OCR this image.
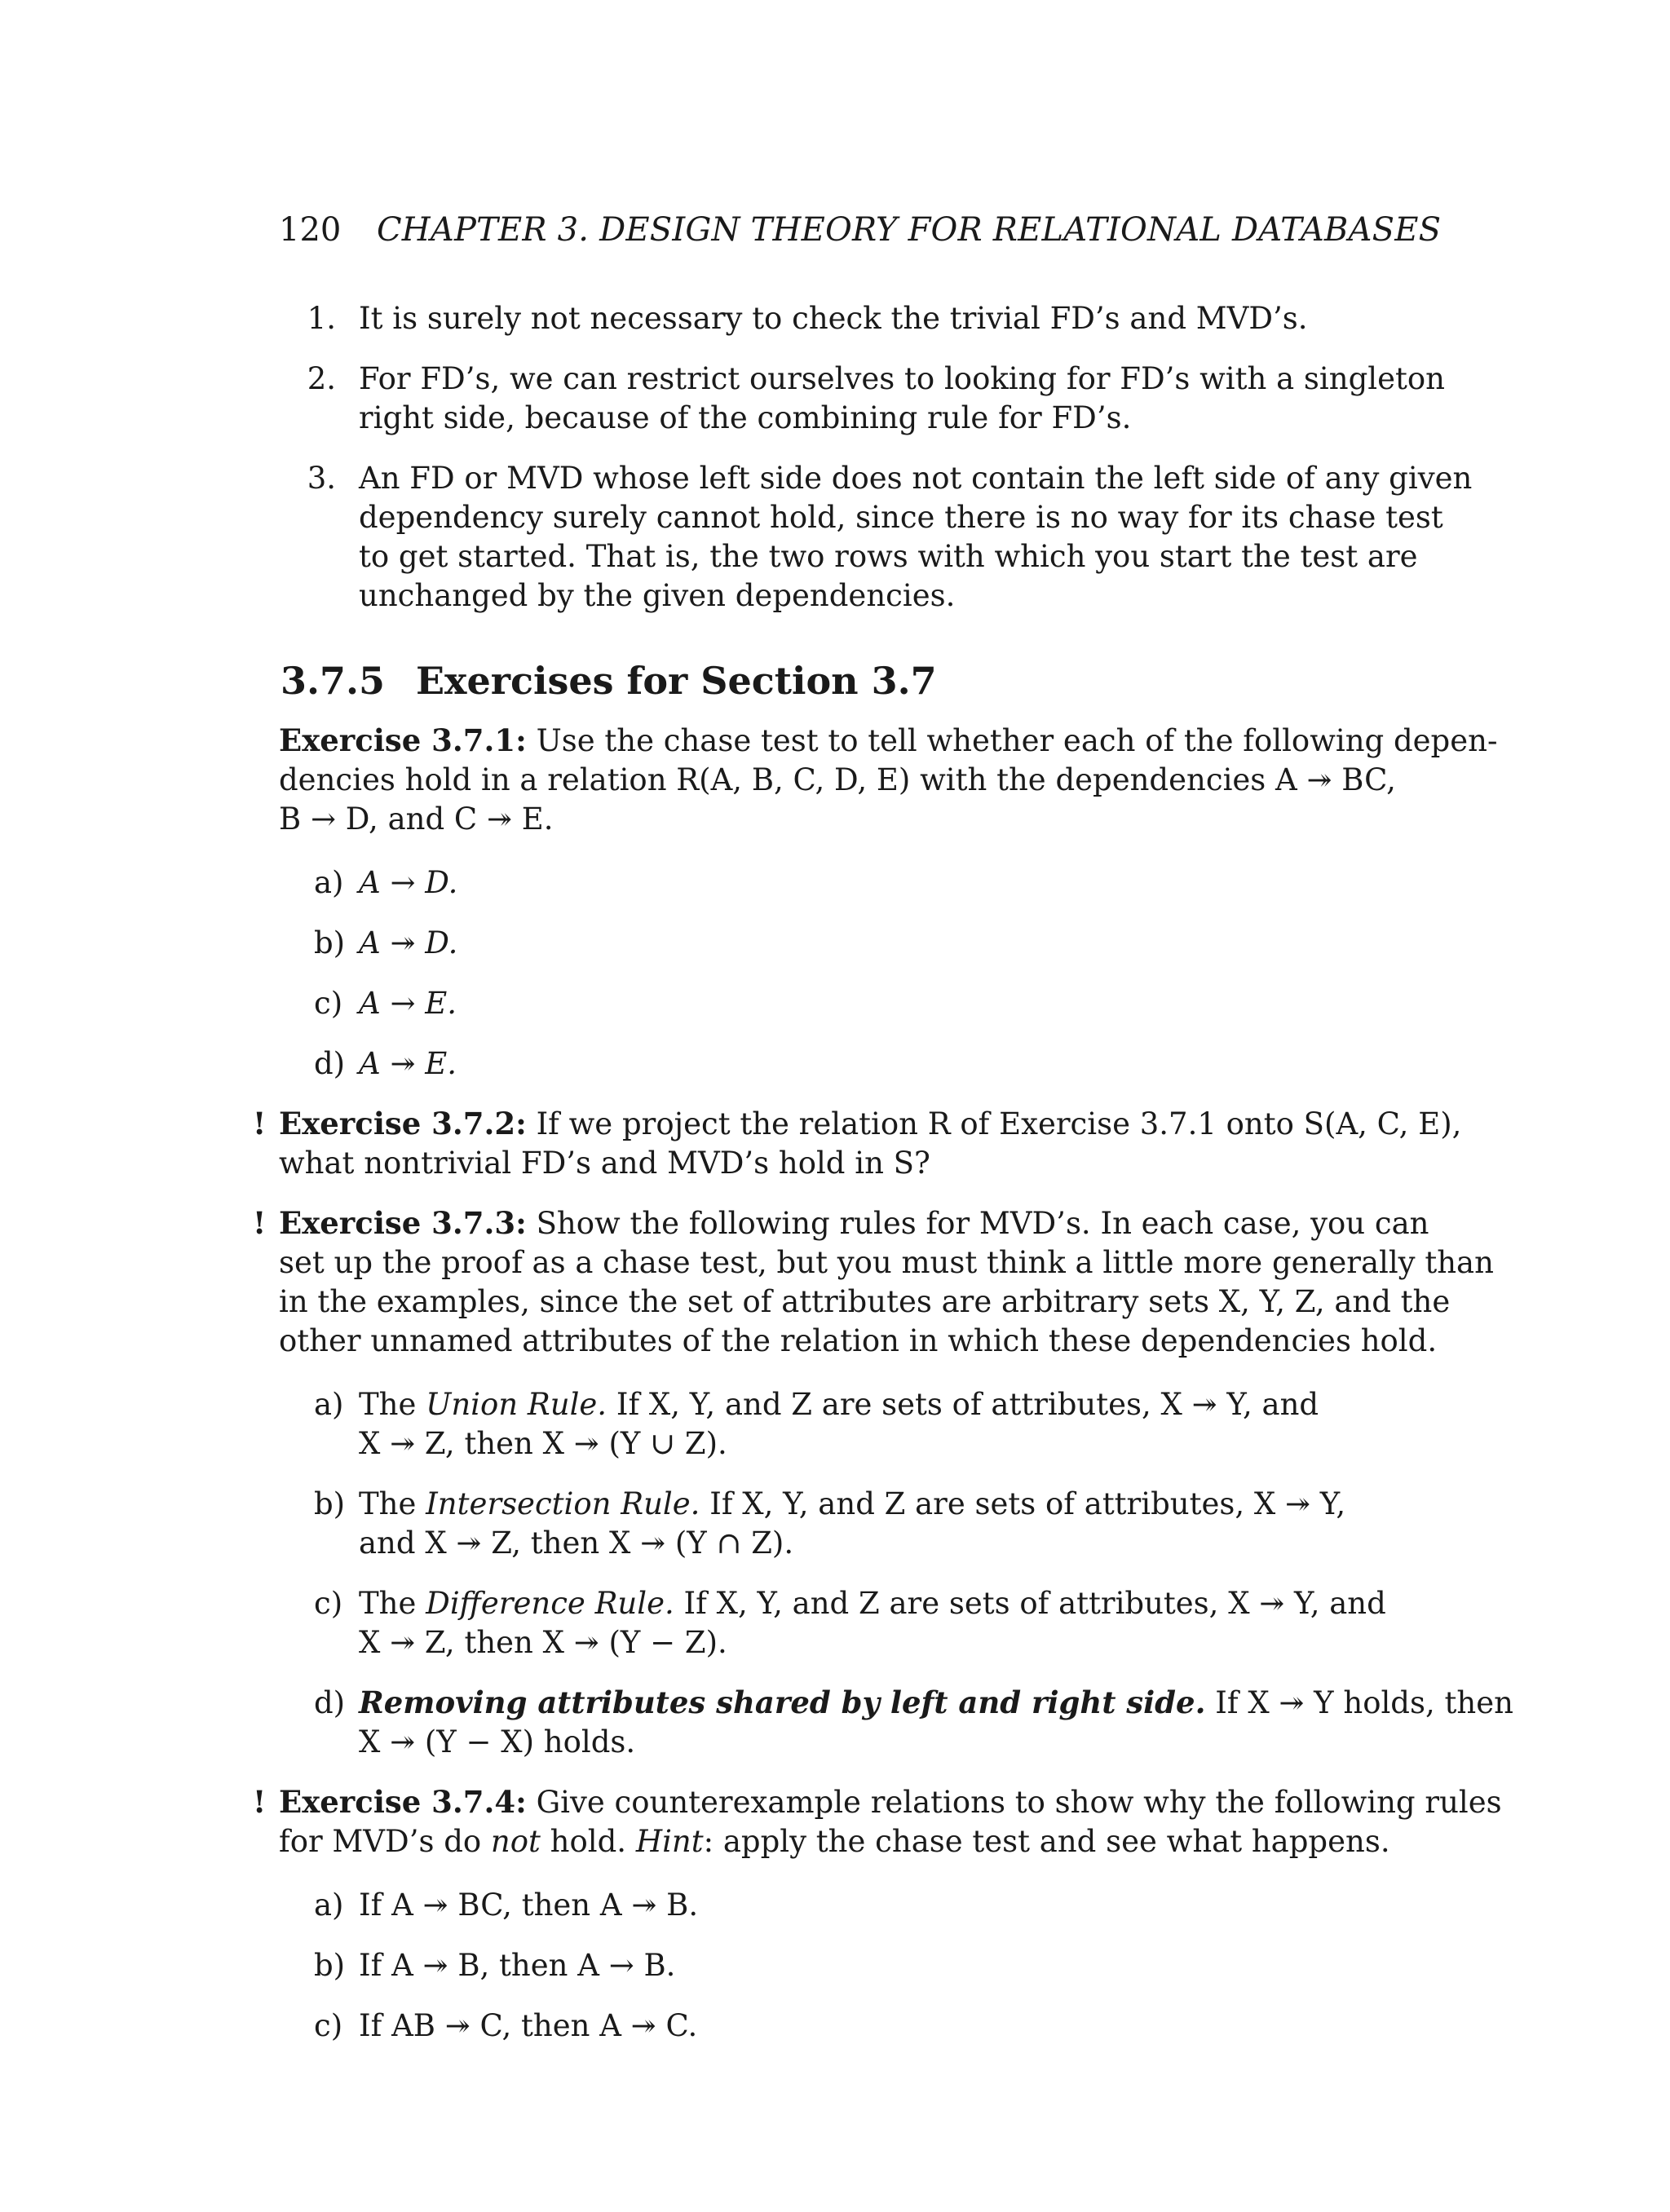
120 CHAPTER 3. DESIGN THEORY FOR RELATIONAL DATABASES
1. It is surely not necessary to check the trivial FD’s and MVD’s.
2. For FD’s, we can restrict ourselves to looking for FD’s with a singleton
right side, because of the combining rule for FD’s.
3. An FD or MVD whose left side does not contain the left side of any given
dependency surely cannot hold, since there is no way for its chase test
to get started. That is, the two rows with which you start the test are
unchanged by the given dependencies.
3.7.5 Exercises for Section 3.7
Exercise 3.7.1: Use the chase test to tell whether each of the following depen-
dencies hold in a relation R(A, B, C, D, E) with the dependencies A ↠ BC,
B → D, and C ↠ E.
a) A → D.
b) A ↠ D.
c) A → E.
d) A ↠ E.
! Exercise 3.7.2: If we project the relation R of Exercise 3.7.1 onto S(A, C, E),
what nontrivial FD’s and MVD’s hold in S?
! Exercise 3.7.3: Show the following rules for MVD’s. In each case, you can
set up the proof as a chase test, but you must think a little more generally than
in the examples, since the set of attributes are arbitrary sets X, Y, Z, and the
other unnamed attributes of the relation in which these dependencies hold.
a) The Union Rule. If X, Y, and Z are sets of attributes, X ↠ Y, and
X ↠ Z, then X ↠ (Y ∪ Z).
b) The Intersection Rule. If X, Y, and Z are sets of attributes, X ↠ Y,
and X ↠ Z, then X ↠ (Y ∩ Z).
c) The Difference Rule. If X, Y, and Z are sets of attributes, X ↠ Y, and
X ↠ Z, then X ↠ (Y − Z).
d) Removing attributes shared by left and right side. If X ↠ Y holds, then
X ↠ (Y − X) holds.
! Exercise 3.7.4: Give counterexample relations to show why the following rules
for MVD’s do not hold. Hint: apply the chase test and see what happens.
a) If A ↠ BC, then A ↠ B.
b) If A ↠ B, then A → B.
c) If AB ↠ C, then A ↠ C.
